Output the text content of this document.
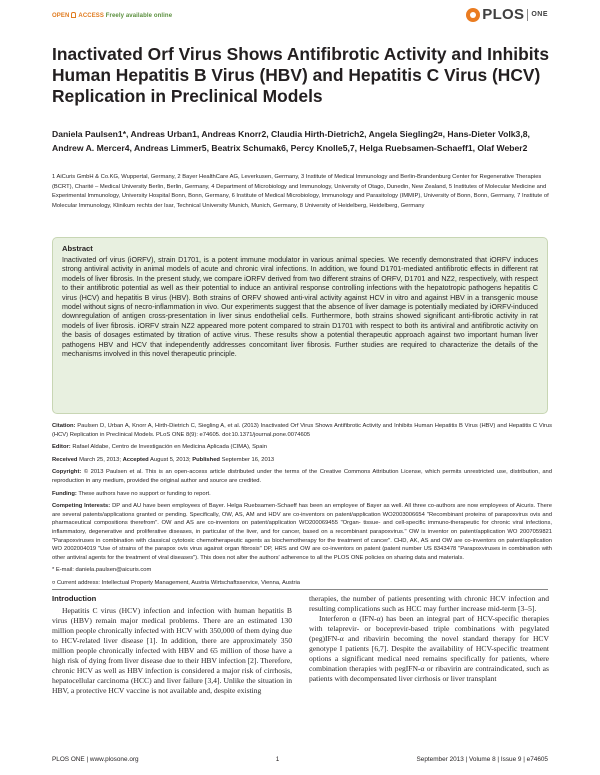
OPEN ACCESS Freely available online	PLOS ONE
Inactivated Orf Virus Shows Antifibrotic Activity and Inhibits Human Hepatitis B Virus (HBV) and Hepatitis C Virus (HCV) Replication in Preclinical Models
Daniela Paulsen1*, Andreas Urban1, Andreas Knorr2, Claudia Hirth-Dietrich2, Angela Siegling2¤, Hans-Dieter Volk3,8, Andrew A. Mercer4, Andreas Limmer5, Beatrix Schumak6, Percy Knolle5,7, Helga Ruebsamen-Schaeff1, Olaf Weber2
1 AiCuris GmbH & Co.KG, Wuppertal, Germany, 2 Bayer HealthCare AG, Leverkusen, Germany, 3 Institute of Medical Immunology and Berlin-Brandenburg Center for Regenerative Therapies (BCRT), Charité – Medical University Berlin, Berlin, Germany, 4 Department of Microbiology and Immunology, University of Otago, Dunedin, New Zealand, 5 Institutes of Molecular Medicine and Experimental Immunology, University Hospital Bonn, Bonn, Germany, 6 Institute of Medical Microbiology, Immunology and Parasitology (IMMIP), University of Bonn, Bonn, Germany, 7 Institute of Molecular Immunology, Klinikum rechts der Isar, Technical University Munich, Munich, Germany, 8 University of Heidelberg, Heidelberg, Germany
Abstract

Inactivated orf virus (iORFV), strain D1701, is a potent immune modulator in various animal species. We recently demonstrated that iORFV induces strong antiviral activity in animal models of acute and chronic viral infections. In addition, we found D1701-mediated antifibrotic effects in different rat models of liver fibrosis. In the present study, we compare iORFV derived from two different strains of ORFV, D1701 and NZ2, respectively, with respect to their antifibrotic potential as well as their potential to induce an antiviral response controlling infections with the hepatotropic pathogens hepatitis C virus (HCV) and hepatitis B virus (HBV). Both strains of ORFV showed anti-viral activity against HCV in vitro and against HBV in a transgenic mouse model without signs of necro-inflammation in vivo. Our experiments suggest that the absence of liver damage is potentially mediated by iORFV-induced downregulation of antigen cross-presentation in liver sinus endothelial cells. Furthermore, both strains showed significant anti-fibrotic activity in rat models of liver fibrosis. iORFV strain NZ2 appeared more potent compared to strain D1701 with respect to both its antiviral and antifibrotic activity on the basis of dosages estimated by titration of active virus. These results show a potential therapeutic approach against two important human liver pathogens HBV and HCV that independently addresses concomitant liver fibrosis. Further studies are required to characterize the details of the mechanisms involved in this novel therapeutic principle.

Citation: Paulsen D, Urban A, Knorr A, Hirth-Dietrich C, Siegling A, et al. (2013) Inactivated Orf Virus Shows Antifibrotic Activity and Inhibits Human Hepatitis B Virus (HBV) and Hepatitis C Virus (HCV) Replication in Preclinical Models. PLoS ONE 8(9): e74605. doi:10.1371/journal.pone.0074605

Editor: Rafael Aldabe, Centro de Investigación en Medicina Aplicada (CIMA), Spain

Received March 25, 2013; Accepted August 5, 2013; Published September 16, 2013

Copyright: © 2013 Paulsen et al. This is an open-access article distributed under the terms of the Creative Commons Attribution License, which permits unrestricted use, distribution, and reproduction in any medium, provided the original author and source are credited.

Funding: These authors have no support or funding to report.

Competing Interests: DP and AU have been employees of Bayer. Helga Ruebsamen-Schaeff has been an employee of Bayer as well. All three co-authors are now employees of Aicuris. There are several patents/applications granted or pending. Specifically, OW, AS, AM and HDV are co-inventors on patent/application WO2003006654 "Recombinant proteins of parapoxvirus ovis and pharmaceutical compositions therefrom". OW and AS are co-inventors on patent/application WO200069455 "Organ- tissue- and cell-specific immuno-therapeutic for chronic viral infections, inflammatory, degenerative and proliferative diseases, in particular of the liver, and for cancer, based on a recombinant parapoxvirus." OW is inventor on patent/application WO 2007059821 "Parapoxviruses in combination with classical cytotoxic chemotherapeutic agents as biochemotherapy for the treatment of cancer". CHD, AK, AS and OW are co-inventors on patent/application WO 2002004019 "Use of strains of the parapox ovis virus against organ fibrosis" DP, HRS and OW are co-inventors on patent (patent number US 8343478 "Parapoxviruses in combination with other antiviral agents for the treatment of viral diseases"). This does not alter the authors' adherence to all the PLOS ONE policies on sharing data and materials.

* E-mail: daniela.paulsen@aicuris.com

¤ Current address: Intellectual Property Management, Austria Wirtschaftsservice, Vienna, Austria

Introduction

Hepatitis C virus (HCV) infection and infection with human hepatitis B virus (HBV) remain major medical problems. There are an estimated 130 million people chronically infected with HCV with 350,000 of them dying due to HCV-related liver disease [1]. In addition, there are approximately 350 million people chronically infected with HBV and 65 million of those have a high risk of dying from liver disease due to their HBV infection [2]. Therefore, chronic HCV as well as HBV infection is considered a major risk of cirrhosis, hepatocellular carcinoma (HCC) and liver failure [3,4]. Unlike the situation in HBV, a protective HCV vaccine is not available and, despite existing

therapies, the number of patients presenting with chronic HCV infection and resulting complications such as HCC may further increase mid-term [3–5].

Interferon α (IFN-α) has been an integral part of HCV-specific therapies with telaprevir- or boceprevir-based triple combinations with pegylated (peg)IFN-α and ribavirin becoming the novel standard therapy for HCV genotype I patients [6,7]. Despite the availability of HCV-specific treatment options a significant medical need remains specifically for patients, where combination therapies with pegIFN-α or ribavirin are contraindicated, such as patients with decompensated liver cirrhosis or liver transplant

PLOS ONE | www.plosone.org	1	September 2013 | Volume 8 | Issue 9 | e74605
